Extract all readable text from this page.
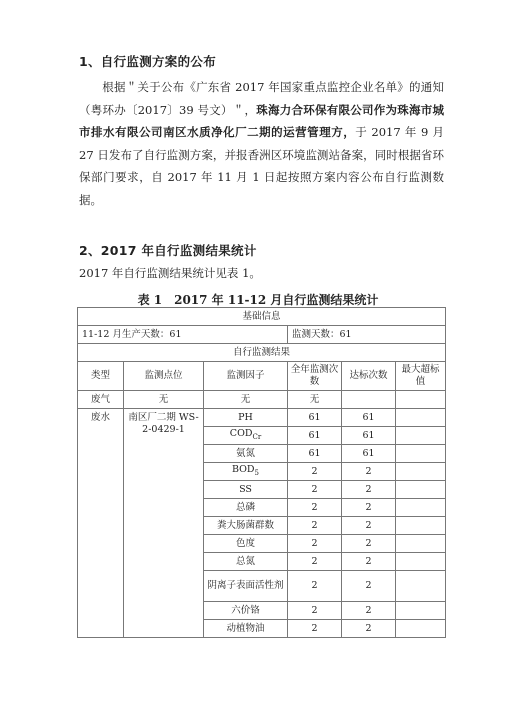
1、自行监测方案的公布
根据＂关于公布《广东省 2017 年国家重点监控企业名单》的通知（粤环办〔2017〕39 号文）＂，珠海力合环保有限公司作为珠海市城市排水有限公司南区水质净化厂二期的运营管理方，于 2017 年 9 月 27 日发布了自行监测方案，并报香洲区环境监测站备案，同时根据省环保部门要求，自 2017 年 11 月 1 日起按照方案内容公布自行监测数据。
2、2017 年自行监测结果统计
2017 年自行监测结果统计见表 1。
表 1　2017 年 11-12 月自行监测结果统计
基础信息					
11-12 月生产天数：61			监测天数：61		
自行监测结果					
类型	监测点位	监测因子	全年监测次数	达标次数	最大超标值
废气	无	无	无		
废水	南区厂二期 WS-2-0429-1	PH	61	61	
		$COD_{Cr}$	61	61	
		氨氮	61	61	
		$BOD_5$	2	2	
		SS	2	2	
		总磷	2	2	
		粪大肠菌群数	2	2	
		色度	2	2	
		总氮	2	2	
		阴离子表面活性剂	2	2	
		六价铬	2	2	
		动植物油	2	2	
